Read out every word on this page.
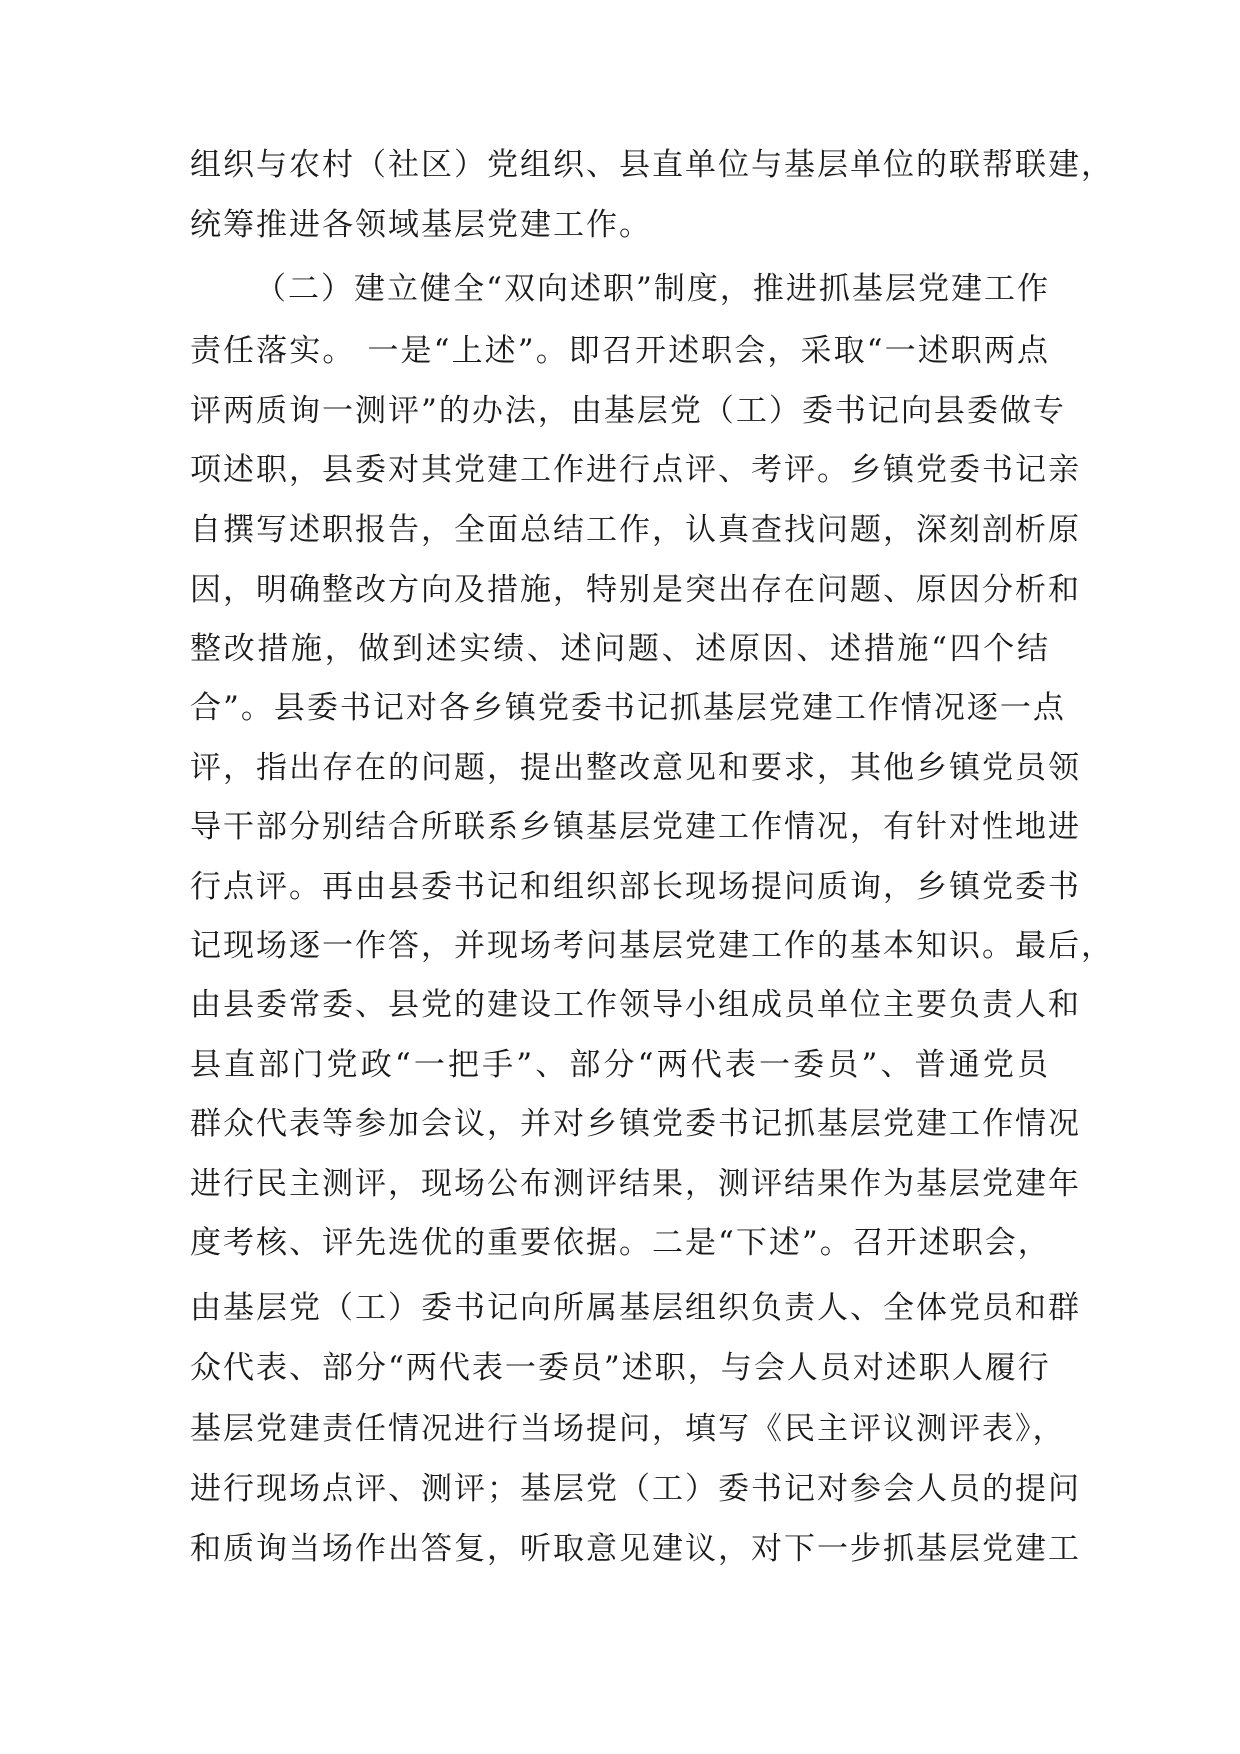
组织与农村（社区）党组织、县直单位与基层单位的联帮联建，
统筹推进各领域基层党建工作。
（二）建立健全“双向述职”制度，推进抓基层党建工作
责任落实。 一是“上述”。即召开述职会，采取“一述职两点
评两质询一测评”的办法，由基层党（工）委书记向县委做专
项述职，县委对其党建工作进行点评、考评。乡镇党委书记亲
自撰写述职报告，全面总结工作，认真查找问题，深刻剖析原
因，明确整改方向及措施，特别是突出存在问题、原因分析和
整改措施，做到述实绩、述问题、述原因、述措施“四个结
合”。县委书记对各乡镇党委书记抓基层党建工作情况逐一点
评，指出存在的问题，提出整改意见和要求，其他乡镇党员领
导干部分别结合所联系乡镇基层党建工作情况，有针对性地进
行点评。再由县委书记和组织部长现场提问质询，乡镇党委书
记现场逐一作答，并现场考问基层党建工作的基本知识。最后，
由县委常委、县党的建设工作领导小组成员单位主要负责人和
县直部门党政“一把手”、部分“两代表一委员”、普通党员
群众代表等参加会议，并对乡镇党委书记抓基层党建工作情况
进行民主测评，现场公布测评结果，测评结果作为基层党建年
度考核、评先选优的重要依据。二是“下述”。召开述职会，
由基层党（工）委书记向所属基层组织负责人、全体党员和群
众代表、部分“两代表一委员”述职，与会人员对述职人履行
基层党建责任情况进行当场提问，填写《民主评议测评表》，
进行现场点评、测评；基层党（工）委书记对参会人员的提问
和质询当场作出答复，听取意见建议，对下一步抓基层党建工
